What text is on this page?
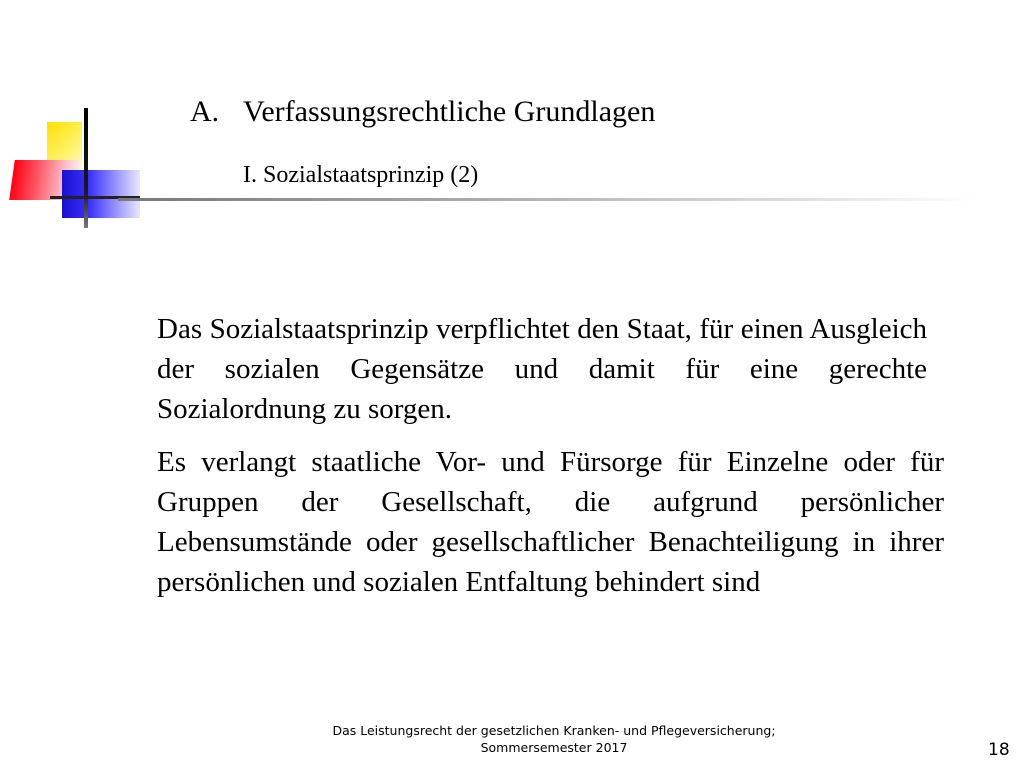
A. Verfassungsrechtliche Grundlagen
I. Sozialstaatsprinzip (2)

Das Sozialstaatsprinzip verpflichtet den Staat, für einen Ausgleich der sozialen Gegensätze und damit für eine gerechte Sozialordnung zu sorgen.

Es verlangt staatliche Vor- und Fürsorge für Einzelne oder für Gruppen der Gesellschaft, die aufgrund persönlicher Lebensumstände oder gesellschaftlicher Benachteiligung in ihrer persönlichen und sozialen Entfaltung behindert sind

Das Leistungsrecht der gesetzlichen Kranken- und Pflegeversicherung;
Sommersemester 2017	18
